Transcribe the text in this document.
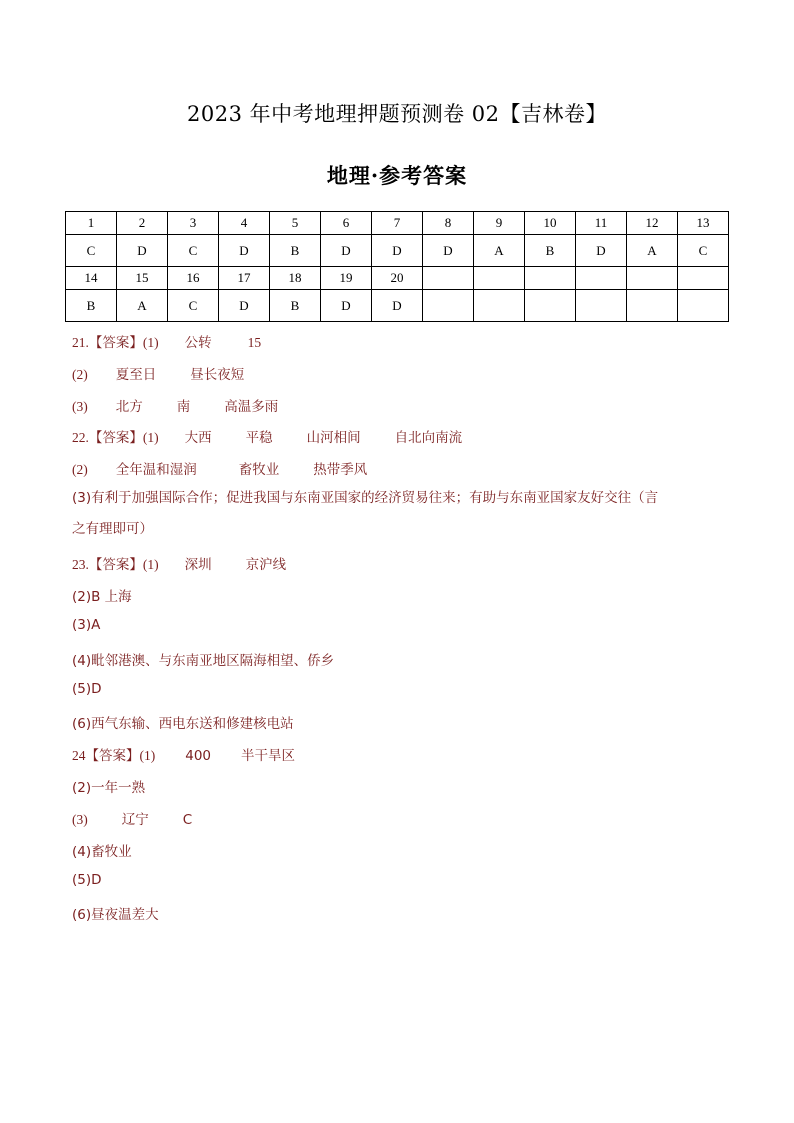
2023 年中考地理押题预测卷 02【吉林卷】
地理·参考答案
1	2	3	4	5	6	7	8	9	10	11	12	13
C	D	C	D	B	D	D	D	A	B	D	A	C
14	15	16	17	18	19	20						
B	A	C	D	B	D	D						
21.【答案】(1) 公转	15
(2) 夏至日	昼长夜短
(3) 北方	南	高温多雨
22.【答案】(1) 大西	平稳	山河相间	自北向南流
(2) 全年温和湿润	畜牧业	热带季风
(3)有利于加强国际合作；促进我国与东南亚国家的经济贸易往来；有助与东南亚国家友好交往（言
之有理即可）
23.【答案】(1) 深圳	京沪线
(2)B 上海
(3)A
(4)毗邻港澳、与东南亚地区隔海相望、侨乡
(5)D
(6)西气东输、西电东送和修建核电站
24【答案】(1) 400 半干旱区
(2)一年一熟
(3)	辽宁	C
(4)畜牧业
(5)D
(6)昼夜温差大
